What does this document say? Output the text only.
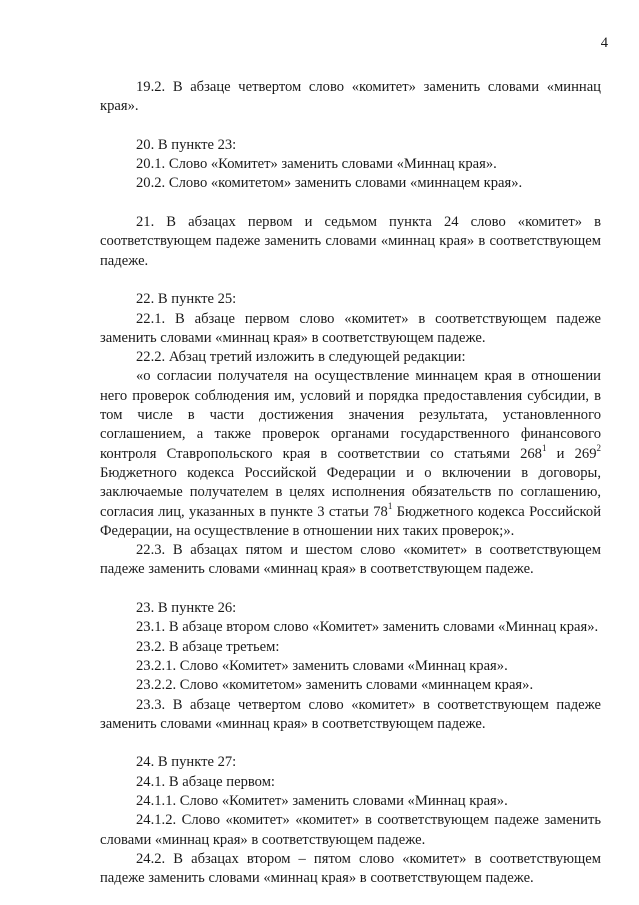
4

19.2. В абзаце четвертом слово «комитет» заменить словами «миннац края».

20. В пункте 23:

20.1. Слово «Комитет» заменить словами «Миннац края».

20.2. Слово «комитетом» заменить словами «миннацем края».

21. В абзацах первом и седьмом пункта 24 слово «комитет» в соответствующем падеже заменить словами «миннац края» в соответствующем падеже.

22. В пункте 25:

22.1. В абзаце первом слово «комитет» в соответствующем падеже заменить словами «миннац края» в соответствующем падеже.

22.2. Абзац третий изложить в следующей редакции:

«о согласии получателя на осуществление миннацем края в отношении него проверок соблюдения им, условий и порядка предоставления субсидии, в том числе в части достижения значения результата, установленного соглашением, а также проверок органами государственного финансового контроля Ставропольского края в соответствии со статьями $268^1$ и $269^2$ Бюджетного кодекса Российской Федерации и о включении в договоры, заключаемые получателем в целях исполнения обязательств по соглашению, согласия лиц, указанных в пункте 3 статьи $78^1$ Бюджетного кодекса Российской Федерации, на осуществление в отношении них таких проверок;».

22.3. В абзацах пятом и шестом слово «комитет» в соответствующем падеже заменить словами «миннац края» в соответствующем падеже.

23. В пункте 26:

23.1. В абзаце втором слово «Комитет» заменить словами «Миннац края».

23.2. В абзаце третьем:

23.2.1. Слово «Комитет» заменить словами «Миннац края».

23.2.2. Слово «комитетом» заменить словами «миннацем края».

23.3. В абзаце четвертом слово «комитет» в соответствующем падеже заменить словами «миннац края» в соответствующем падеже.

24. В пункте 27:

24.1. В абзаце первом:

24.1.1. Слово «Комитет» заменить словами «Миннац края».

24.1.2. Слово «комитет» «комитет» в соответствующем падеже заменить словами «миннац края» в соответствующем падеже.

24.2. В абзацах втором – пятом слово «комитет» в соответствующем падеже заменить словами «миннац края» в соответствующем падеже.
